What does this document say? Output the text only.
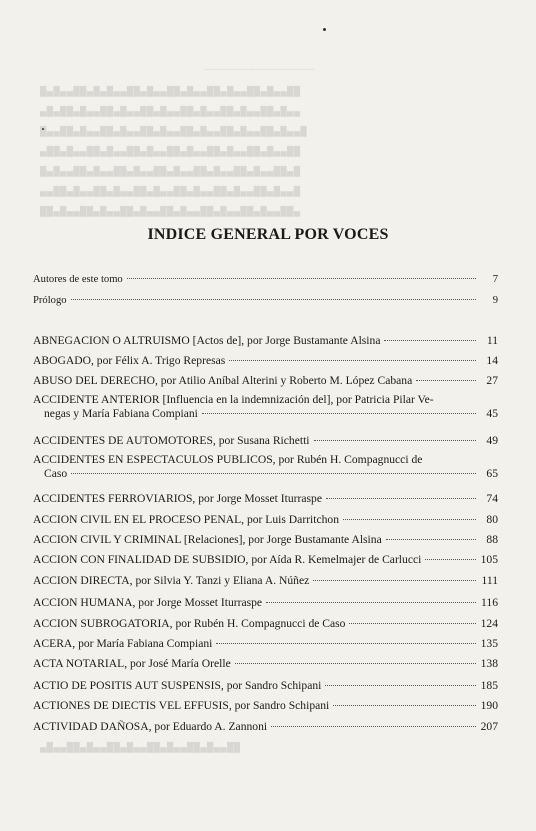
───────────────
█▄█▄▄██▄█▄█▄▄██▄█▄▄██▄█▄▄██▄█▄▄██▄█▄▄██
▄█▄██▄█▄▄██▄█▄▄██▄█▄▄██▄█▄▄██▄█▄▄██▄█▄▄
█▄▄██▄█▄▄██▄█▄▄██▄█▄▄██▄█▄▄██▄█▄▄██▄█▄▄█
▄██▄█▄▄██▄█▄▄██▄█▄▄██▄█▄▄██▄█▄▄██▄█▄▄██
█▄█▄▄██▄█▄▄██▄█▄▄██▄█▄▄██▄█▄▄██▄█▄▄██▄█
▄▄██▄█▄▄██▄█▄▄██▄█▄▄██▄█▄▄██▄█▄▄██▄█▄▄█
██▄█▄▄██▄█▄▄██▄█▄▄██▄█▄▄██▄█▄▄██▄█▄▄██▄
▄█▄▄██▄█▄▄██▄█▄▄██▄█▄▄██▄█▄▄██
INDICE GENERAL POR VOCES
Autores de este tomo	7
Prólogo	9
ABNEGACION O ALTRUISMO [Actos de], por Jorge Bustamante Alsina	11
ABOGADO, por Félix A. Trigo Represas	14
ABUSO DEL DERECHO, por Atilio Aníbal Alterini y Roberto M. López Cabana	27
ACCIDENTE ANTERIOR [Influencia en la indemnización del], por Patricia Pilar Ve-
negas y María Fabiana Compiani	45
ACCIDENTES DE AUTOMOTORES, por Susana Richetti	49
ACCIDENTES EN ESPECTACULOS PUBLICOS, por Rubén H. Compagnucci de
Caso	65
ACCIDENTES FERROVIARIOS, por Jorge Mosset Iturraspe	74
ACCION CIVIL EN EL PROCESO PENAL, por Luis Darritchon	80
ACCION CIVIL Y CRIMINAL [Relaciones], por Jorge Bustamante Alsina	88
ACCION CON FINALIDAD DE SUBSIDIO, por Aída R. Kemelmajer de Carlucci	105
ACCION DIRECTA, por Silvia Y. Tanzi y Eliana A. Núñez	111
ACCION HUMANA, por Jorge Mosset Iturraspe	116
ACCION SUBROGATORIA, por Rubén H. Compagnucci de Caso	124
ACERA, por María Fabiana Compiani	135
ACTA NOTARIAL, por José María Orelle	138
ACTIO DE POSITIS AUT SUSPENSIS, por Sandro Schipani	185
ACTIONES DE DIECTIS VEL EFFUSIS, por Sandro Schipani	190
ACTIVIDAD DAÑOSA, por Eduardo A. Zannoni	207
